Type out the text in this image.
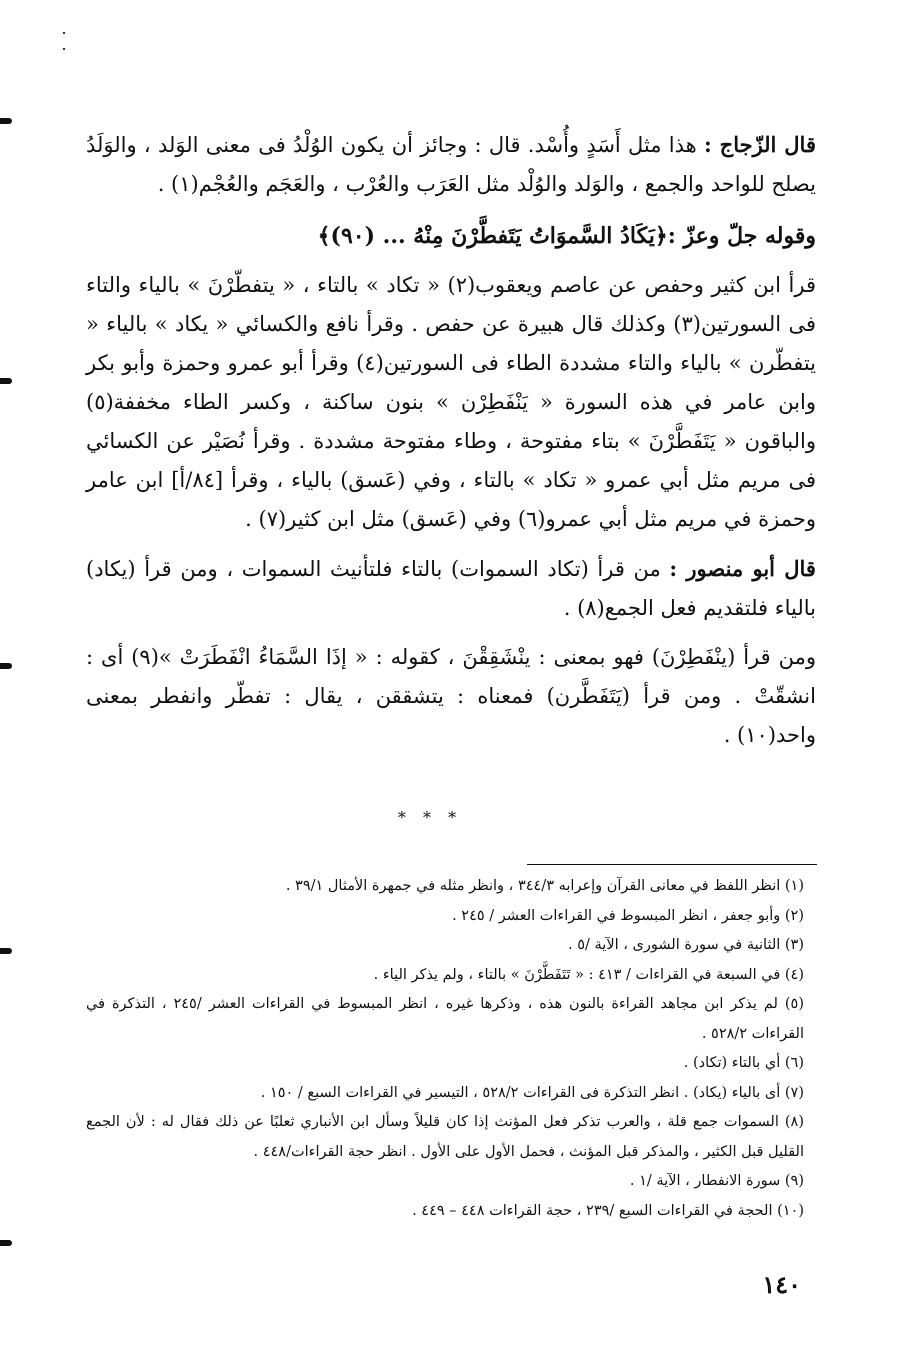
قال الزّجاج : هذا مثل أَسَدٍ وأُسْد. قال : وجائز أن يكون الوُلْدُ فى معنى الوَلد ، والوَلَدُ يصلح للواحد والجمع ، والوَلد والوُلْد مثل العَرَب والعُرْب ، والعَجَم والعُجْم(١) .

وقوله جلّ وعزّ :﴿يَكَادُ السَّموَاتُ يَتَفطَّرْنَ مِنْهُ ... (٩٠)﴾

قرأ ابن كثير وحفص عن عاصم ويعقوب(٢) « تكاد » بالتاء ، « يتفطّرْنَ » بالياء والتاء فى السورتين(٣) وكذلك قال هبيرة عن حفص . وقرأ نافع والكسائي « يكاد » بالياء « يتفطّرن » بالياء والتاء مشددة الطاء فى السورتين(٤) وقرأ أبو عمرو وحمزة وأبو بكر وابن عامر في هذه السورة « يَنْفَطِرْن » بنون ساكنة ، وكسر الطاء مخففة(٥) والباقون « يَتَفَطَّرْنَ » بتاء مفتوحة ، وطاء مفتوحة مشددة . وقرأ نُصَيْر عن الكسائي فى مريم مثل أبي عمرو « تكاد » بالتاء ، وفي (عَسق) بالياء ، وقرأ [٨٤/أ] ابن عامر وحمزة في مريم مثل أبي عمرو(٦) وفي (عَسق) مثل ابن كثير(٧) .

قال أبو منصور : من قرأ (تكاد السموات) بالتاء فلتأنيث السموات ، ومن قرأ (يكاد) بالياء فلتقديم فعل الجمع(٨) .

ومن قرأ (ينْفَطِرْنَ) فهو بمعنى : ينْشَقِقْنَ ، كقوله : « إذَا السَّمَاءُ انْفَطَرَتْ »(٩) أى : انشقّتْ . ومن قرأ (يَتَفَطَّرن) فمعناه : يتشققن ، يقال : تفطّر وانفطر بمعنى واحد(١٠) .

* * *

(١) انظر اللفظ في معانى القرآن وإعرابه ٣٤٤/٣ ، وانظر مثله في جمهرة الأمثال ٣٩/١ .

(٢) وأبو جعفر ، انظر المبسوط في القراءات العشر / ٢٤٥ .

(٣) الثانية في سورة الشورى ، الآية /٥ .

(٤) في السبعة في القراءات / ٤١٣ : « تَتَفَطَّرْنَ » بالتاء ، ولم يذكر الياء .

(٥) لم يذكر ابن مجاهد القراءة بالنون هذه ، وذكرها غيره ، انظر المبسوط في القراءات العشر /٢٤٥ ، التذكرة في القراءات ٥٢٨/٢ .

(٦) أي بالتاء (تكاد) .

(٧) أى بالياء (يكاد) . انظر التذكرة فى القراءات ٥٢٨/٢ ، التيسير في القراءات السبع / ١٥٠ .

(٨) السموات جمع قلة ، والعرب تذكر فعل المؤنث إذا كان قليلاً وسأل ابن الأنباري ثعلبًا عن ذلك فقال له : لأن الجمع القليل قبل الكثير ، والمذكر قبل المؤنث ، فحمل الأول على الأول . انظر حجة القراءات/٤٤٨ .

(٩) سورة الانفطار ، الآية /١ .

(١٠) الحجة في القراءات السبع /٢٣٩ ، حجة القراءات ٤٤٨ – ٤٤٩ .

١٤٠
